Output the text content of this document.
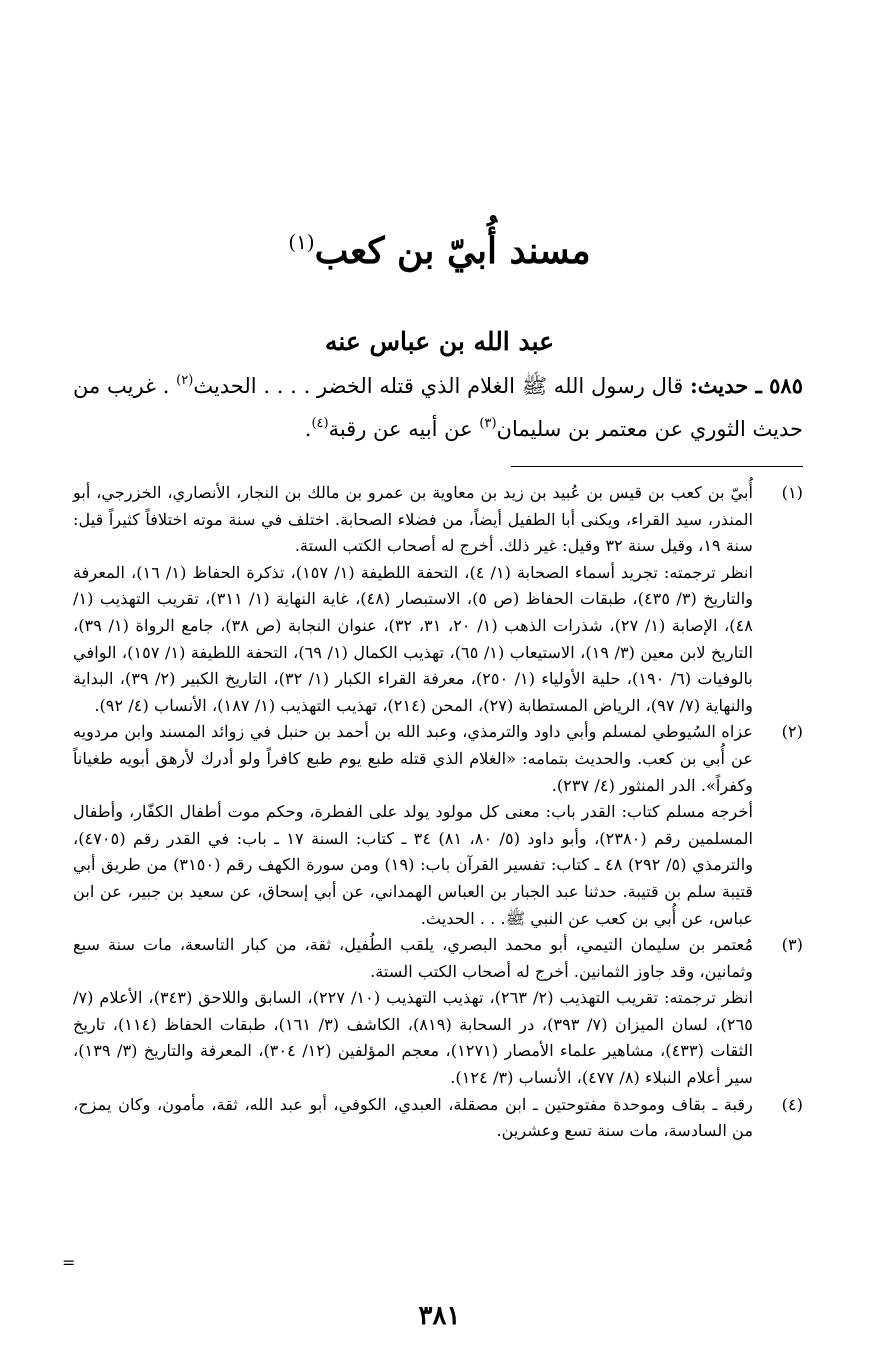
مسند أُبيّ بن كعب$^{(١)}$
عبد الله بن عباس عنه
٥٨٥ ـ حديث: قال رسول الله ﷺ الغلام الذي قتله الخضر . . . . الحديث$^{(٢)}$ . غريب من حديث الثوري عن معتمر بن سليمان$^{(٣)}$ عن أبيه عن رقبة$^{(٤)}$.
(١)

أُبيّ بن كعب بن قيس بن عُبيد بن زيد بن معاوية بن عمرو بن مالك بن النجار، الأنصاري، الخزرجي، أبو المنذر، سيد القراء، ويكنى أبا الطفيل أيضاً، من فضلاء الصحابة. اختلف في سنة موته اختلافاً كثيراً قيل: سنة ١٩، وقيل سنة ٣٢ وقيل: غير ذلك. أخرج له أصحاب الكتب الستة.

انظر ترجمته: تجريد أسماء الصحابة (١/ ٤)، التحفة اللطيفة (١/ ١٥٧)، تذكرة الحفاظ (١/ ١٦)، المعرفة والتاريخ (٣/ ٤٣٥)، طبقات الحفاظ (ص ٥)، الاستبصار (٤٨)، غاية النهاية (١/ ٣١١)، تقريب التهذيب (١/ ٤٨)، الإصابة (١/ ٢٧)، شذرات الذهب (١/ ٢٠، ٣١، ٣٢)، عنوان النجابة (ص ٣٨)، جامع الرواة (١/ ٣٩)، التاريخ لابن معين (٣/ ١٩)، الاستيعاب (١/ ٦٥)، تهذيب الكمال (١/ ٦٩)، التحفة اللطيفة (١/ ١٥٧)، الوافي بالوفيات (٦/ ١٩٠)، حلية الأولياء (١/ ٢٥٠)، معرفة القراء الكبار (١/ ٣٢)، التاريخ الكبير (٢/ ٣٩)، البداية والنهاية (٧/ ٩٧)، الرياض المستطابة (٢٧)، المحن (٢١٤)، تهذيب التهذيب (١/ ١٨٧)، الأنساب (٤/ ٩٢).

(٢)

عزاه السُيوطي لمسلم وأبي داود والترمذي، وعبد الله بن أحمد بن حنبل في زوائد المسند وابن مردويه عن أُبي بن كعب. والحديث بتمامه: «الغلام الذي قتله طبع يوم طبع كافراً ولو أدرك لأرهق أبويه طغياناً وكفراً». الدر المنثور (٤/ ٢٣٧).

أخرجه مسلم كتاب: القدر باب: معنى كل مولود يولد على الفطرة، وحكم موت أطفال الكفّار، وأطفال المسلمين رقم (٢٣٨٠)، وأبو داود (٥/ ٨٠، ٨١) ٣٤ ـ كتاب: السنة ١٧ ـ باب: في القدر رقم (٤٧٠٥)، والترمذي (٥/ ٢٩٢) ٤٨ ـ كتاب: تفسير القرآن باب: (١٩) ومن سورة الكهف رقم (٣١٥٠) من طريق أبي قتيبة سلم بن قتيبة. حدثنا عبد الجبار بن العباس الهمداني، عن أبي إسحاق، عن سعيد بن جبير، عن ابن عباس، عن أُبي بن كعب عن النبي ﷺ. . . الحديث.

(٣)

مُعتمر بن سليمان التيمي، أبو محمد البصري، يلقب الطُفيل، ثقة، من كبار التاسعة، مات سنة سبع وثمانين، وقد جاوز الثمانين. أخرج له أصحاب الكتب الستة.

انظر ترجمته: تقريب التهذيب (٢/ ٢٦٣)، تهذيب التهذيب (١٠/ ٢٢٧)، السابق واللاحق (٣٤٣)، الأعلام (٧/ ٢٦٥)، لسان الميزان (٧/ ٣٩٣)، در السحابة (٨١٩)، الكاشف (٣/ ١٦١)، طبقات الحفاظ (١١٤)، تاريخ الثقات (٤٣٣)، مشاهير علماء الأمصار (١٢٧١)، معجم المؤلفين (١٢/ ٣٠٤)، المعرفة والتاريخ (٣/ ١٣٩)، سير أعلام النبلاء (٨/ ٤٧٧)، الأنساب (٣/ ١٢٤).

(٤)

رقبة ـ بقاف وموحدة مفتوحتين ـ ابن مصقلة، العبدي، الكوفي، أبو عبد الله، ثقة، مأمون، وكان يمزح، من السادسة، مات سنة تسع وعشرين.

=
٣٨١
